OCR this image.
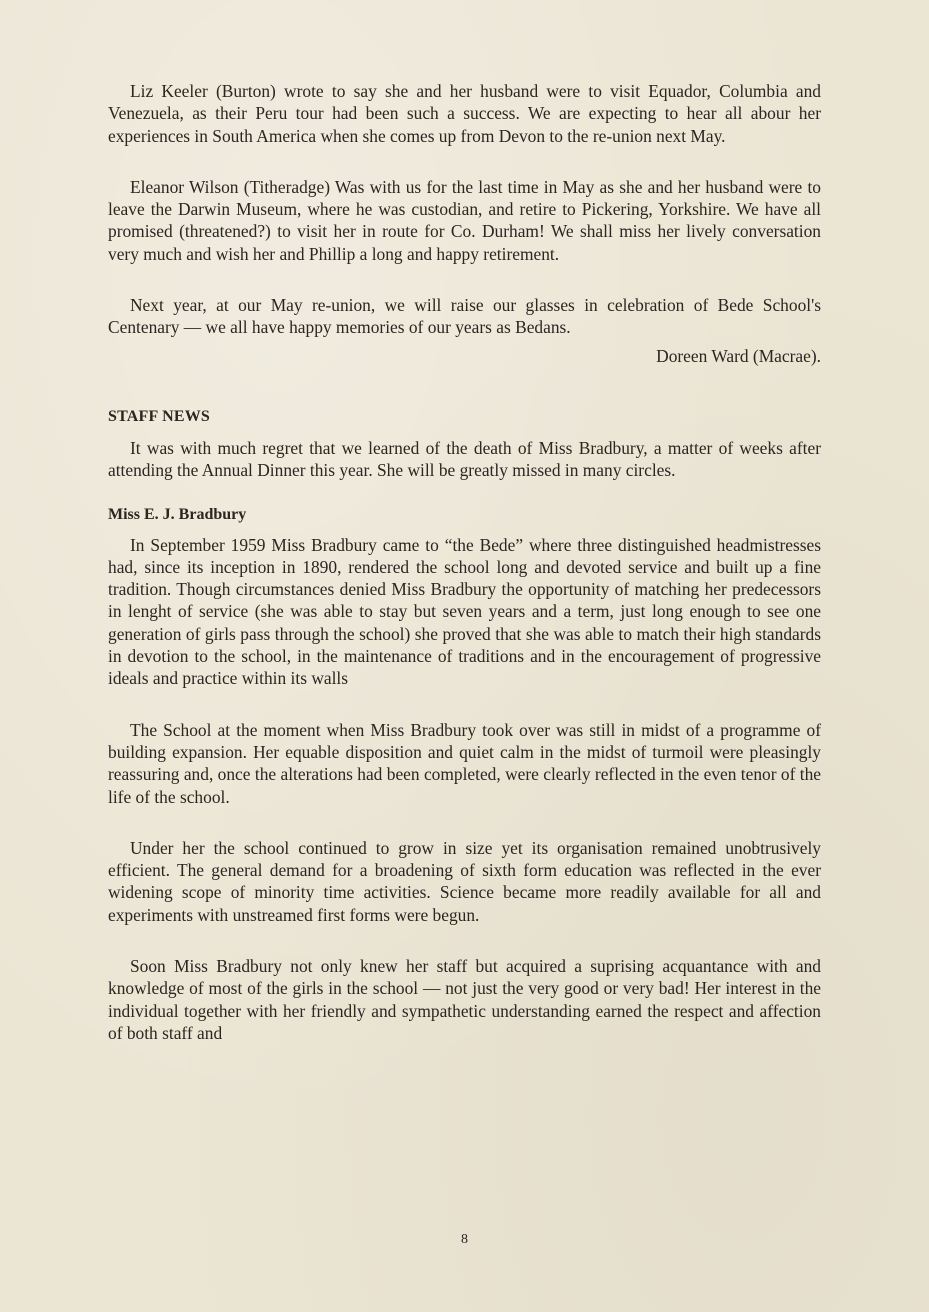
Liz Keeler (Burton) wrote to say she and her husband were to visit Equador, Columbia and Venezuela, as their Peru tour had been such a success. We are expecting to hear all abour her experiences in South America when she comes up from Devon to the re-union next May.

Eleanor Wilson (Titheradge) Was with us for the last time in May as she and her husband were to leave the Darwin Museum, where he was custodian, and retire to Pickering, Yorkshire. We have all promised (threatened?) to visit her in route for Co. Durham! We shall miss her lively conversation very much and wish her and Phillip a long and happy retirement.

Next year, at our May re-union, we will raise our glasses in celebration of Bede School's Centenary — we all have happy memories of our years as Bedans.

Doreen Ward (Macrae).

STAFF NEWS

It was with much regret that we learned of the death of Miss Bradbury, a matter of weeks after attending the Annual Dinner this year. She will be greatly missed in many circles.

Miss E. J. Bradbury

In September 1959 Miss Bradbury came to “the Bede” where three distinguished headmistresses had, since its inception in 1890, rendered the school long and devoted service and built up a fine tradition. Though circumstances denied Miss Bradbury the opportunity of matching her predecessors in lenght of service (she was able to stay but seven years and a term, just long enough to see one generation of girls pass through the school) she proved that she was able to match their high standards in devotion to the school, in the maintenance of traditions and in the encouragement of progressive ideals and practice within its walls

The School at the moment when Miss Bradbury took over was still in midst of a programme of building expansion. Her equable disposition and quiet calm in the midst of turmoil were pleasingly reassuring and, once the alterations had been completed, were clearly reflected in the even tenor of the life of the school.

Under her the school continued to grow in size yet its organisation remained unobtrusively efficient. The general demand for a broadening of sixth form education was reflected in the ever widening scope of minority time activities. Science became more readily available for all and experiments with unstreamed first forms were begun.

Soon Miss Bradbury not only knew her staff but acquired a suprising acquantance with and knowledge of most of the girls in the school — not just the very good or very bad! Her interest in the individual together with her friendly and sympathetic understanding earned the respect and affection of both staff and

8
